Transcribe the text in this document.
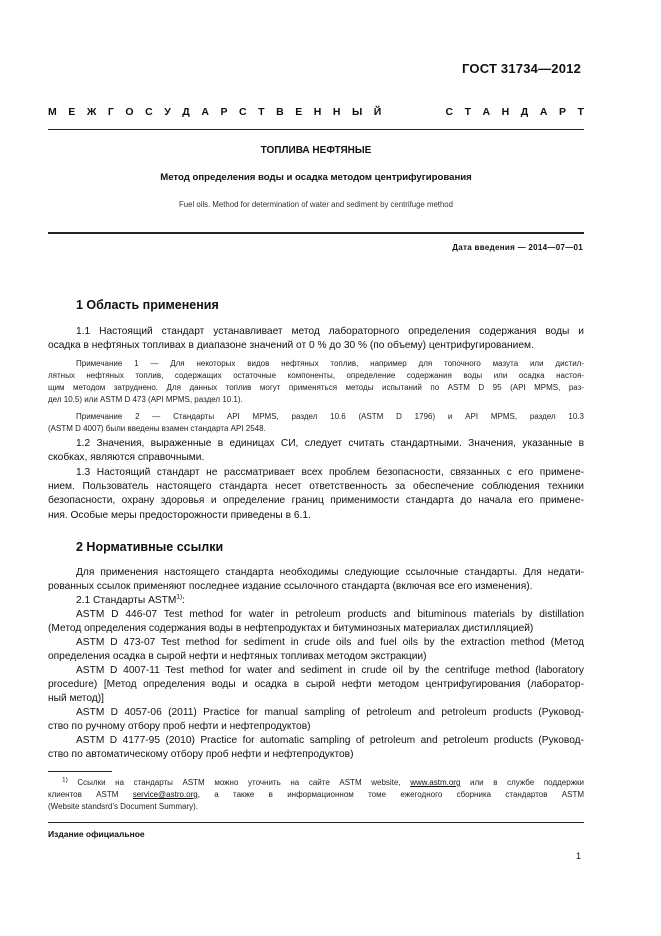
ГОСТ 31734—2012
М Е Ж Г О С У Д А Р С Т В Е Н Н Ы Й	С Т А Н Д А Р Т
ТОПЛИВА НЕФТЯНЫЕ
Метод определения воды и осадка методом центрифугирования
Fuel oils. Method for determination of water and sediment by centrifuge method
Дата введения — 2014—07—01
1 Область применения
1.1 Настоящий стандарт устанавливает метод лабораторного определения содержания воды и
осадка в нефтяных топливах в диапазоне значений от 0 % до 30 % (по объему) центрифугированием.
Примечание 1 — Для некоторых видов нефтяных топлив, например для топочного мазута или дистил-
лятных нефтяных топлив, содержащих остаточные компоненты, определение содержания воды или осадка настоя-
щим методом затруднено. Для данных топлив могут применяться методы испытаний по ASTM D 95 (API MPMS, раз-
дел 10.5) или ASTM D 473 (API MPMS, раздел 10.1).
Примечание 2 — Стандарты API MPMS, раздел 10.6 (ASTM D 1796) и API MPMS, раздел 10.3
(ASTM D 4007) были введены взамен стандарта API 2548.
1.2 Значения, выраженные в единицах СИ, следует считать стандартными. Значения, указанные в
скобках, являются справочными.
1.3 Настоящий стандарт не рассматривает всех проблем безопасности, связанных с его примене-
нием. Пользователь настоящего стандарта несет ответственность за обеспечение соблюдения техники
безопасности, охрану здоровья и определение границ применимости стандарта до начала его примене-
ния. Особые меры предосторожности приведены в 6.1.
2 Нормативные ссылки
Для применения настоящего стандарта необходимы следующие ссылочные стандарты. Для недати-
рованных ссылок применяют последнее издание ссылочного стандарта (включая все его изменения).
2.1 Стандарты ASTM$^{1)}$:
ASTM D 446-07 Test method for water in petroleum products and bituminous materials by distillation
(Метод определения содержания воды в нефтепродуктах и битуминозных материалах дистилляцией)
ASTM D 473-07 Test method for sediment in crude oils and fuel oils by the extraction method (Метод
определения осадка в сырой нефти и нефтяных топливах методом экстракции)
ASTM D 4007-11 Test method for water and sediment in crude oil by the centrifuge method (laboratory
procedure) [Метод определения воды и осадка в сырой нефти методом центрифугирования (лаборатор-
ный метод)]
ASTM D 4057-06 (2011) Practice for manual sampling of petroleum and petroleum products (Руковод-
ство по ручному отбору проб нефти и нефтепродуктов)
ASTM D 4177-95 (2010) Practice for automatic sampling of petroleum and petroleum products (Руковод-
ство по автоматическому отбору проб нефти и нефтепродуктов)
$^{1)}$ Ссылки на стандарты ASTM можно уточнить на сайте ASTM website, www.astm.org или в службе поддержки
клиентов ASTM service@astro.org, а также в информационном томе ежегодного сборника стандартов ASTM
(Website standsrd’s Document Summary).
Издание официальное
1
